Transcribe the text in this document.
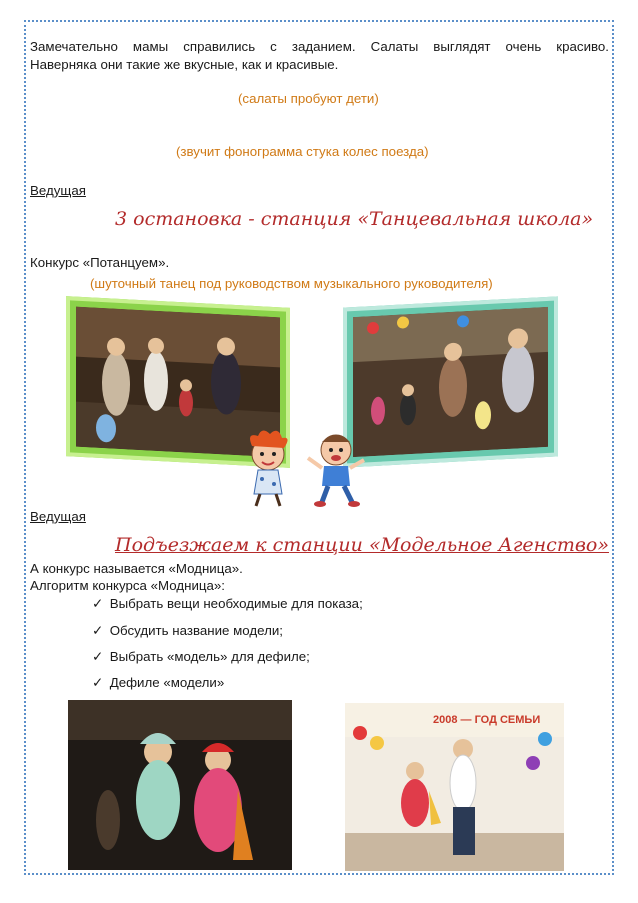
Замечательно мамы справились с заданием. Салаты выглядят очень красиво.
Наверняка они такие же вкусные, как и красивые.
(салаты пробуют дети)
(звучит фонограмма стука колес поезда)
Ведущая
3 остановка - станция «Танцевальная школа»
Конкурс «Потанцуем».
(шуточный танец под руководством музыкального руководителя)
Ведущая
Подъезжаем к станции «Модельное Агенство»
А конкурс называется «Модница».
Алгоритм конкурса «Модница»:
✓ Выбрать вещи необходимые для показа;
✓ Обсудить название модели;
✓ Выбрать «модель» для дефиле;
✓ Дефиле «модели»
2008 — ГОД СЕМЬИ
